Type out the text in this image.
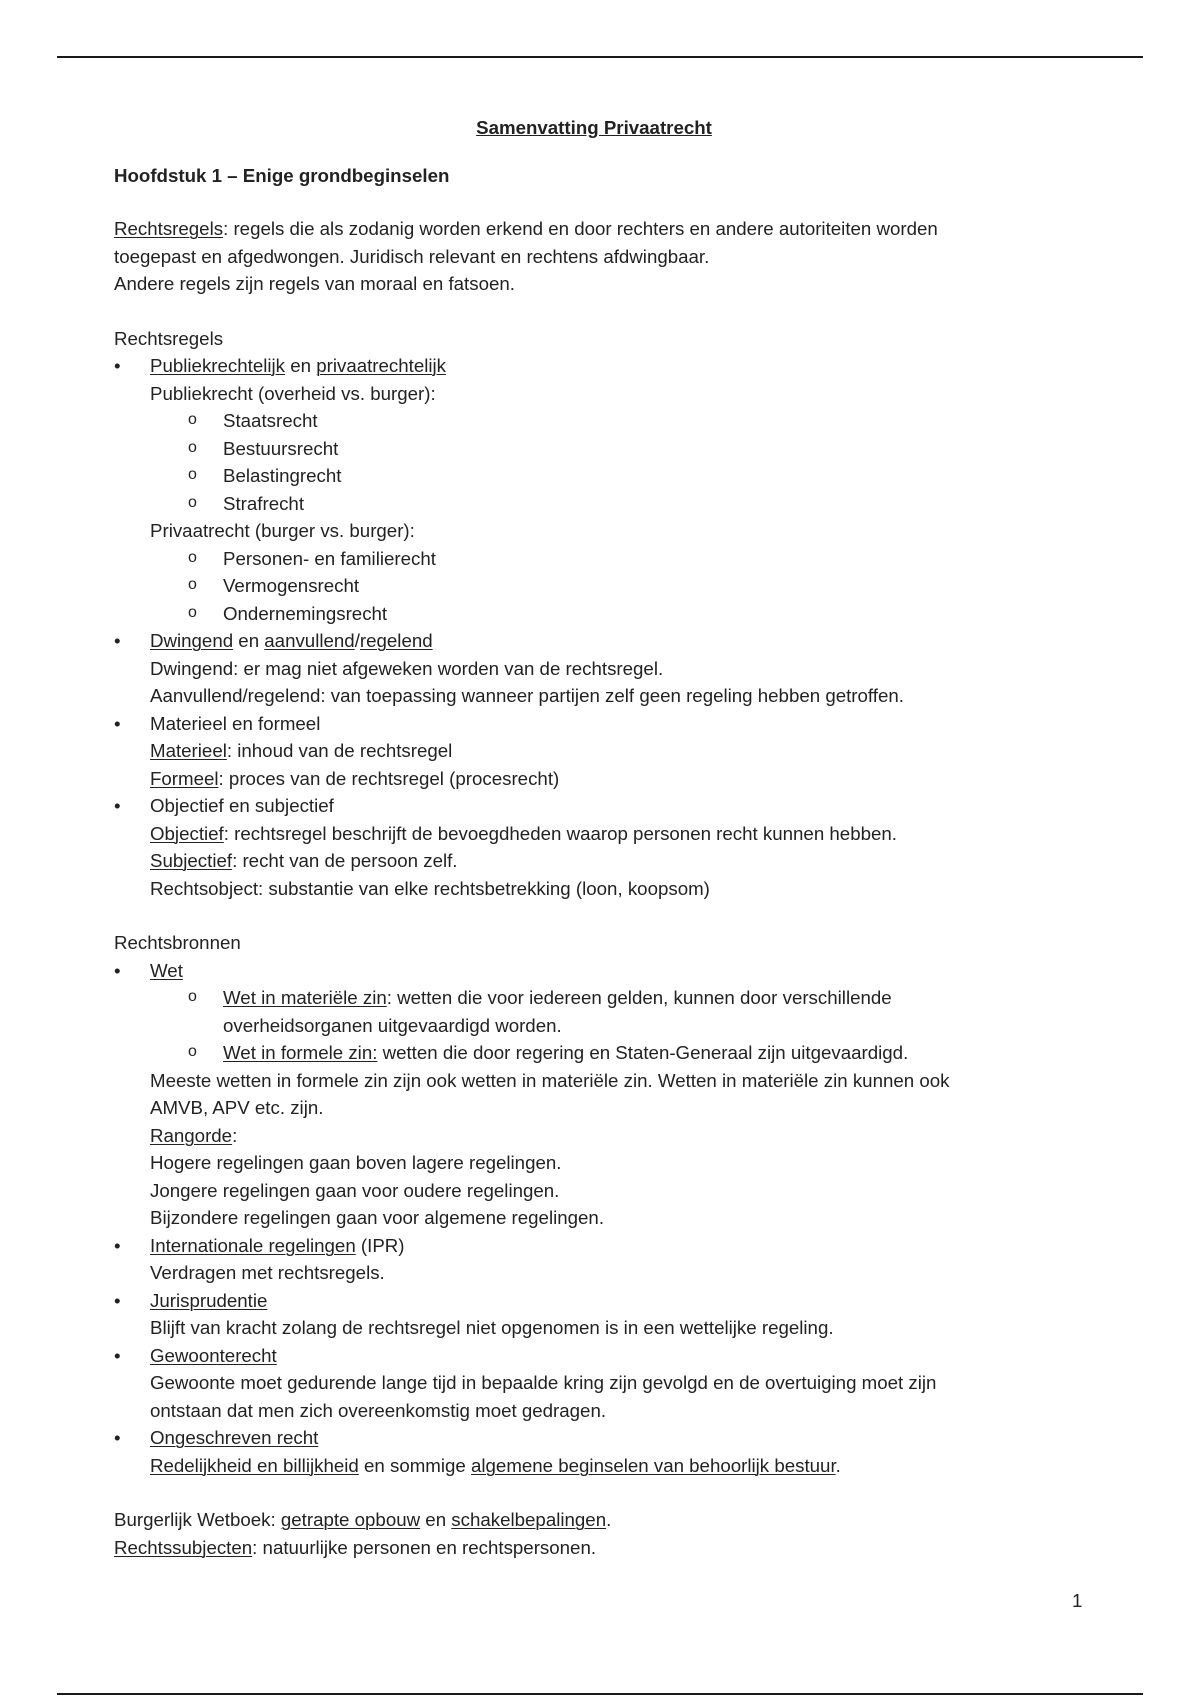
Samenvatting Privaatrecht

Hoofdstuk 1 – Enige grondbeginselen

Rechtsregels: regels die als zodanig worden erkend en door rechters en andere autoriteiten worden

toegepast en afgedwongen. Juridisch relevant en rechtens afdwingbaar.

Andere regels zijn regels van moraal en fatsoen.

Rechtsregels

• Publiekrechtelijk en privaatrechtelijk

Publiekrecht (overheid vs. burger):

o Staatsrecht

o Bestuursrecht

o Belastingrecht

o Strafrecht

Privaatrecht (burger vs. burger):

o Personen- en familierecht

o Vermogensrecht

o Ondernemingsrecht

• Dwingend en aanvullend/regelend

Dwingend: er mag niet afgeweken worden van de rechtsregel.

Aanvullend/regelend: van toepassing wanneer partijen zelf geen regeling hebben getroffen.

• Materieel en formeel

Materieel: inhoud van de rechtsregel

Formeel: proces van de rechtsregel (procesrecht)

• Objectief en subjectief

Objectief: rechtsregel beschrijft de bevoegdheden waarop personen recht kunnen hebben.

Subjectief: recht van de persoon zelf.

Rechtsobject: substantie van elke rechtsbetrekking (loon, koopsom)

Rechtsbronnen

• Wet

o Wet in materiële zin: wetten die voor iedereen gelden, kunnen door verschillende

overheidsorganen uitgevaardigd worden.

o Wet in formele zin: wetten die door regering en Staten-Generaal zijn uitgevaardigd.

Meeste wetten in formele zin zijn ook wetten in materiële zin. Wetten in materiële zin kunnen ook

AMVB, APV etc. zijn.

Rangorde:

Hogere regelingen gaan boven lagere regelingen.

Jongere regelingen gaan voor oudere regelingen.

Bijzondere regelingen gaan voor algemene regelingen.

• Internationale regelingen (IPR)

Verdragen met rechtsregels.

• Jurisprudentie

Blijft van kracht zolang de rechtsregel niet opgenomen is in een wettelijke regeling.

• Gewoonterecht

Gewoonte moet gedurende lange tijd in bepaalde kring zijn gevolgd en de overtuiging moet zijn

ontstaan dat men zich overeenkomstig moet gedragen.

• Ongeschreven recht

Redelijkheid en billijkheid en sommige algemene beginselen van behoorlijk bestuur.

Burgerlijk Wetboek: getrapte opbouw en schakelbepalingen.

Rechtssubjecten: natuurlijke personen en rechtspersonen.

1
